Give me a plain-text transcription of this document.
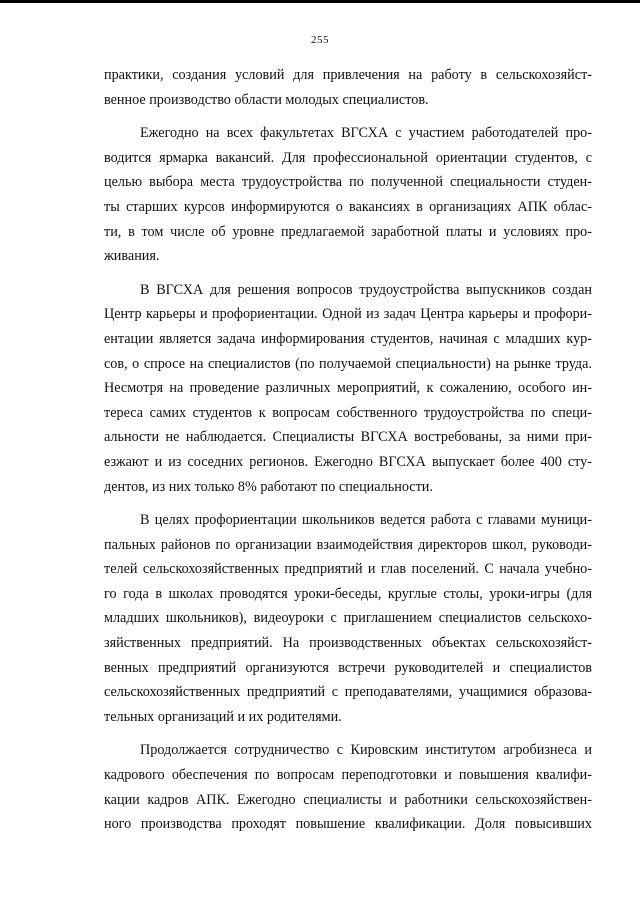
255
практики, создания условий для привлечения на работу в сельскохозяйст-
венное производство области молодых специалистов.
Ежегодно на всех факультетах ВГСХА с участием работодателей про-
водится ярмарка вакансий. Для профессиональной ориентации студентов, с
целью выбора места трудоустройства по полученной специальности студен-
ты старших курсов информируются о вакансиях в организациях АПК облас-
ти, в том числе об уровне предлагаемой заработной платы и условиях про-
живания.
В ВГСХА для решения вопросов трудоустройства выпускников создан
Центр карьеры и профориентации. Одной из задач Центра карьеры и профори-
ентации является задача информирования студентов, начиная с младших кур-
сов, о спросе на специалистов (по получаемой специальности) на рынке труда.
Несмотря на проведение различных мероприятий, к сожалению, особого ин-
тереса самих студентов к вопросам собственного трудоустройства по специ-
альности не наблюдается. Специалисты ВГСХА востребованы, за ними при-
езжают и из соседних регионов. Ежегодно ВГСХА выпускает более 400 сту-
дентов, из них только 8% работают по специальности.
В целях профориентации школьников ведется работа с главами муници-
пальных районов по организации взаимодействия директоров школ, руководи-
телей сельскохозяйственных предприятий и глав поселений. С начала учебно-
го года в школах проводятся уроки-беседы, круглые столы, уроки-игры (для
младших школьников), видеоуроки с приглашением специалистов сельскохо-
зяйственных предприятий. На производственных объектах сельскохозяйст-
венных предприятий организуются встречи руководителей и специалистов
сельскохозяйственных предприятий с преподавателями, учащимися образова-
тельных организаций и их родителями.
Продолжается сотрудничество с Кировским институтом агробизнеса и
кадрового обеспечения по вопросам переподготовки и повышения квалифи-
кации кадров АПК. Ежегодно специалисты и работники сельскохозяйствен-
ного производства проходят повышение квалификации. Доля повысивших
